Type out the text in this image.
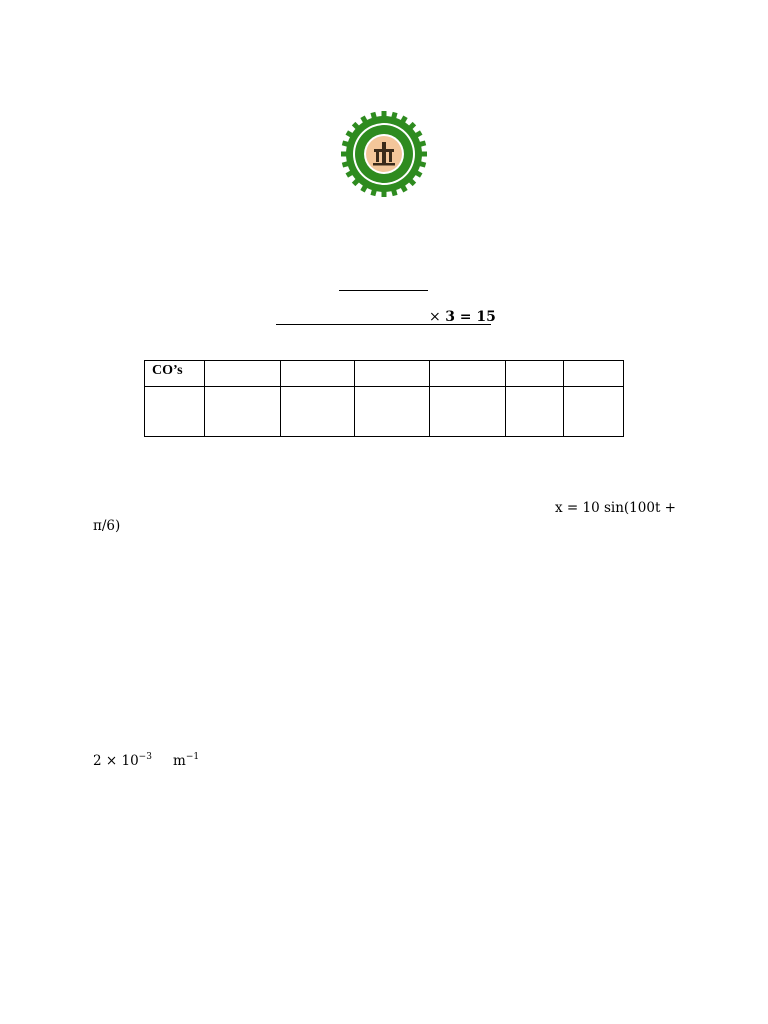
× 3 = 15
CO’s						

x = 10 sin(100t +
π/6)
$2 \times 10^{-3}$ $m^{-1}$
